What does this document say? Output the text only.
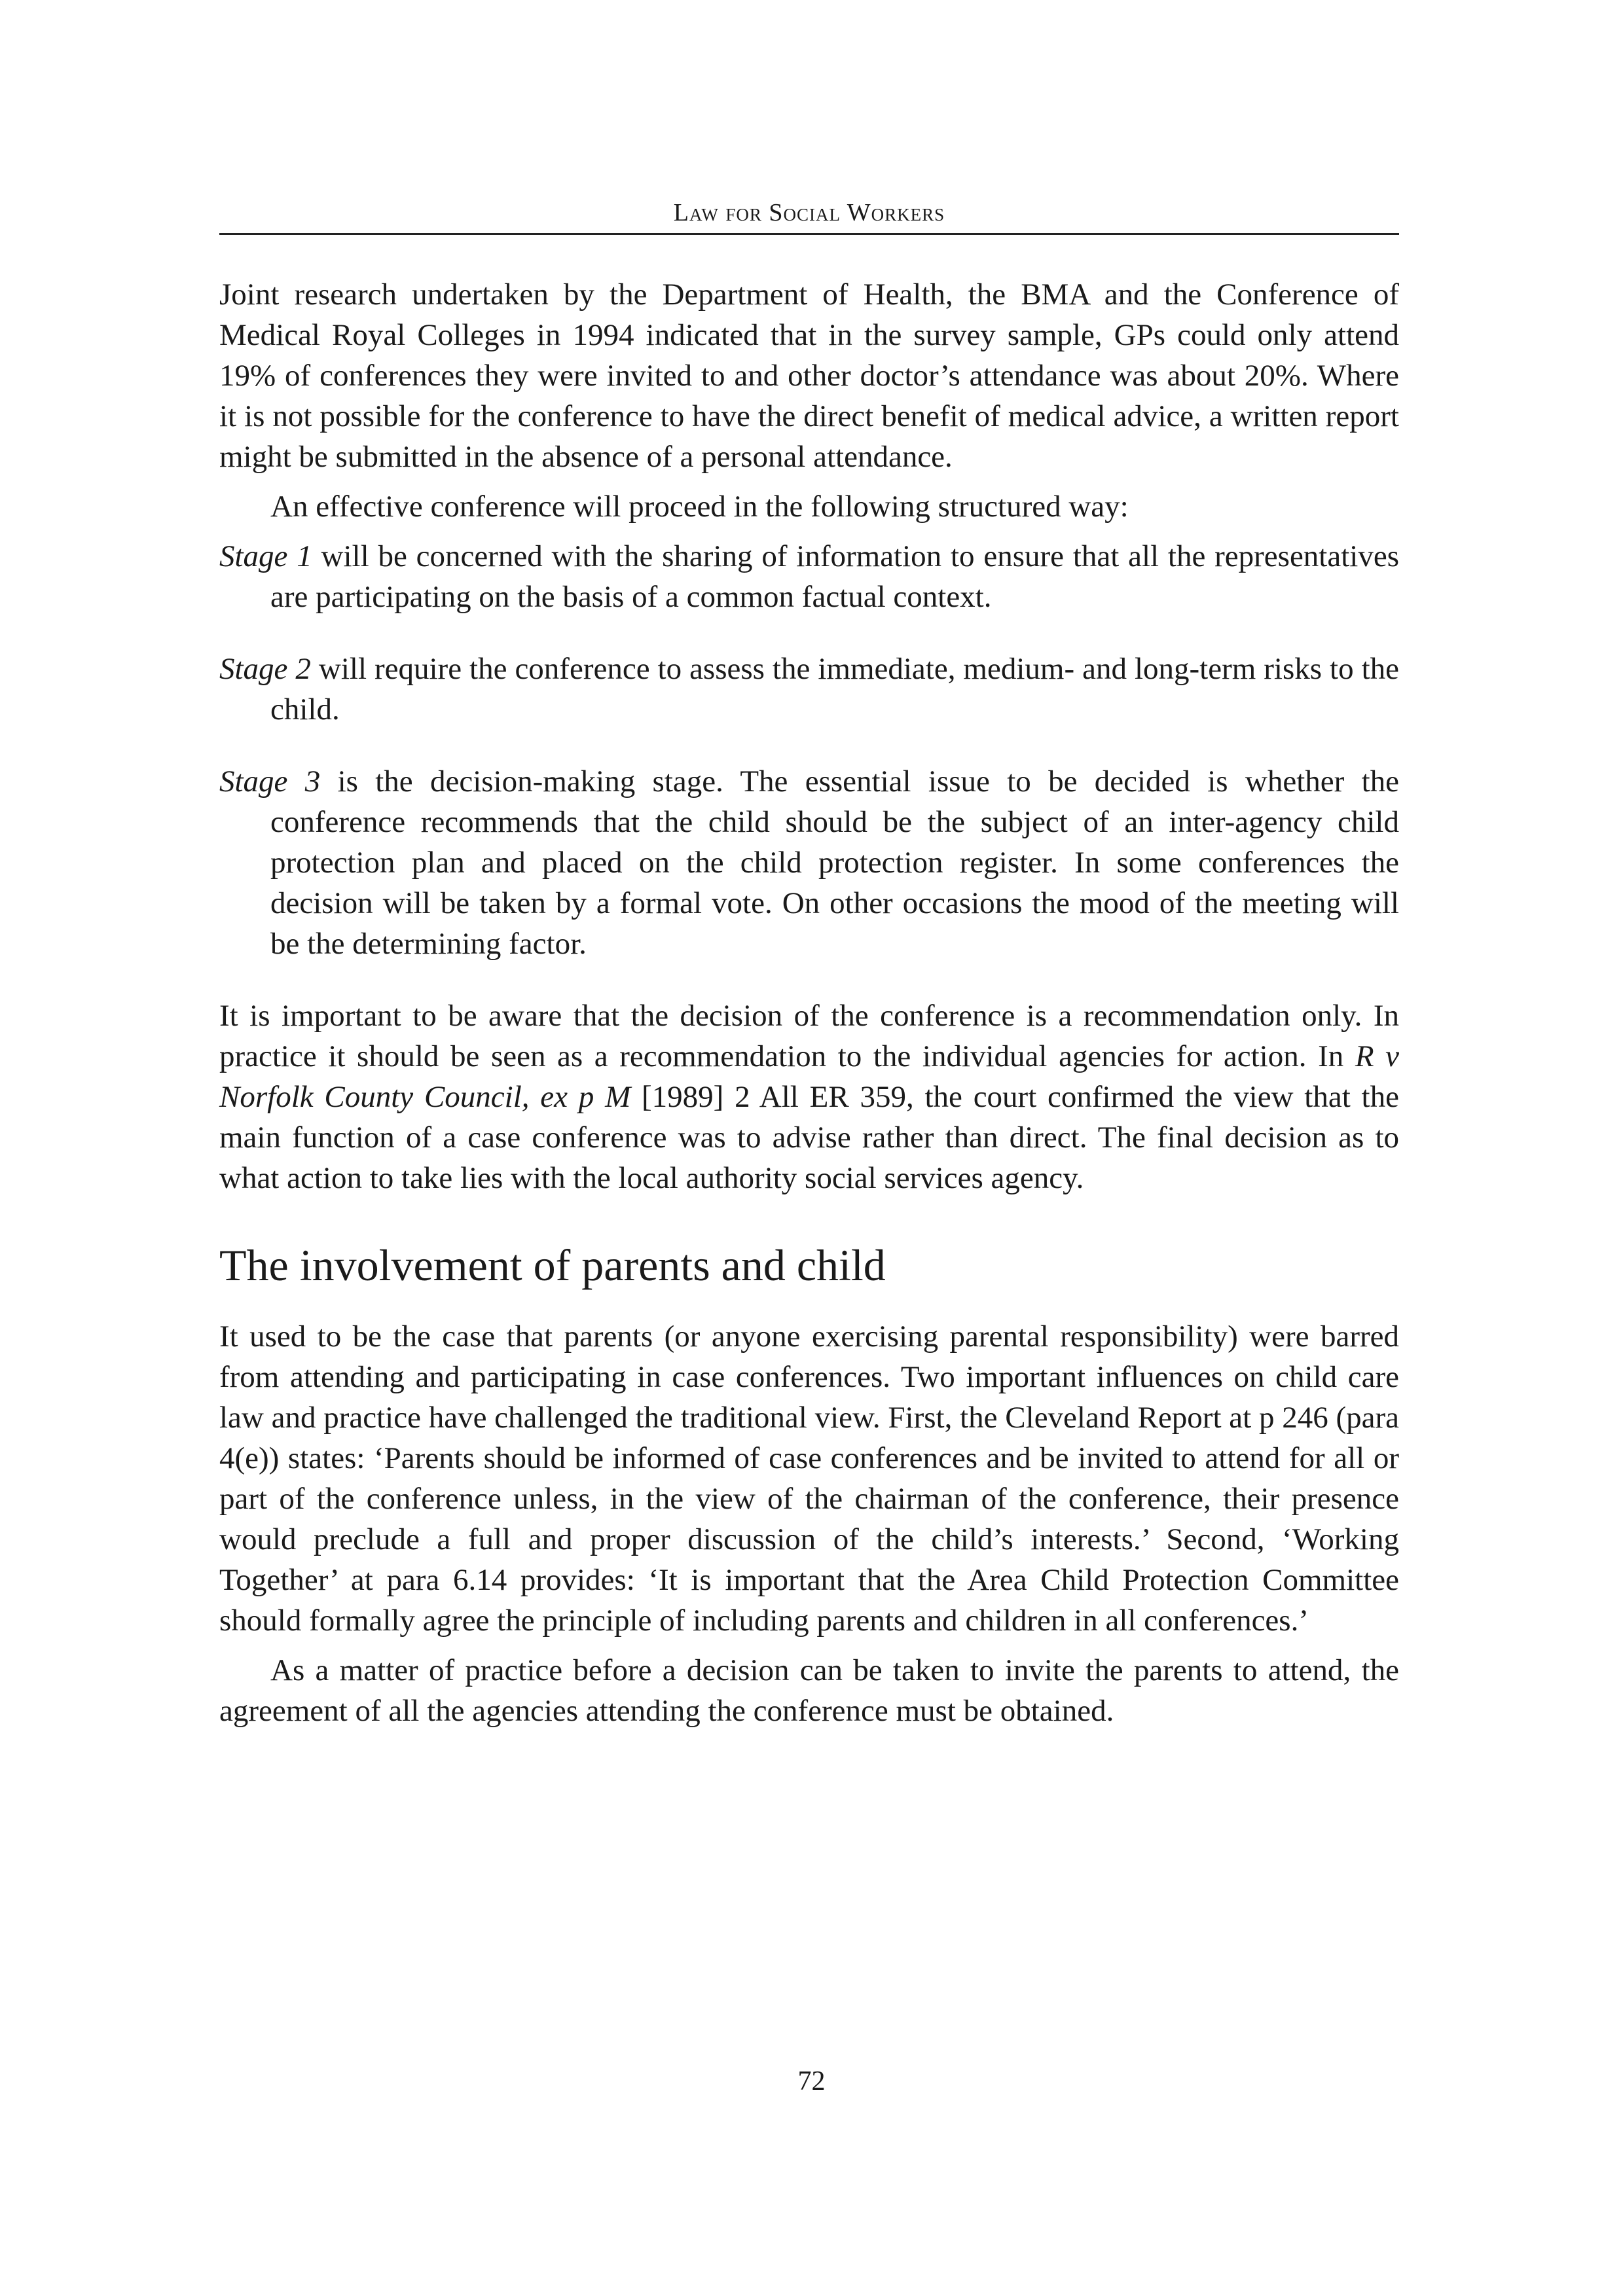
Law for Social Workers

Joint research undertaken by the Department of Health, the BMA and the Conference of Medical Royal Colleges in 1994 indicated that in the survey sample, GPs could only attend 19% of conferences they were invited to and other doctor’s attendance was about 20%. Where it is not possible for the conference to have the direct benefit of medical advice, a written report might be submitted in the absence of a personal attendance.

An effective conference will proceed in the following structured way:

Stage 1 will be concerned with the sharing of information to ensure that all the representatives are participating on the basis of a common factual context.

Stage 2 will require the conference to assess the immediate, medium- and long-term risks to the child.

Stage 3 is the decision-making stage. The essential issue to be decided is whether the conference recommends that the child should be the subject of an inter-agency child protection plan and placed on the child protection register. In some conferences the decision will be taken by a formal vote. On other occasions the mood of the meeting will be the determining factor.

It is important to be aware that the decision of the conference is a recommendation only. In practice it should be seen as a recommendation to the individual agencies for action. In R v Norfolk County Council, ex p M [1989] 2 All ER 359, the court confirmed the view that the main function of a case conference was to advise rather than direct. The final decision as to what action to take lies with the local authority social services agency.

The involvement of parents and child

It used to be the case that parents (or anyone exercising parental responsibility) were barred from attending and participating in case conferences. Two important influences on child care law and practice have challenged the traditional view. First, the Cleveland Report at p 246 (para 4(e)) states: ‘Parents should be informed of case conferences and be invited to attend for all or part of the conference unless, in the view of the chairman of the conference, their presence would preclude a full and proper discussion of the child’s interests.’ Second, ‘Working Together’ at para 6.14 provides: ‘It is important that the Area Child Protection Committee should formally agree the principle of including parents and children in all conferences.’

As a matter of practice before a decision can be taken to invite the parents to attend, the agreement of all the agencies attending the conference must be obtained.

72
